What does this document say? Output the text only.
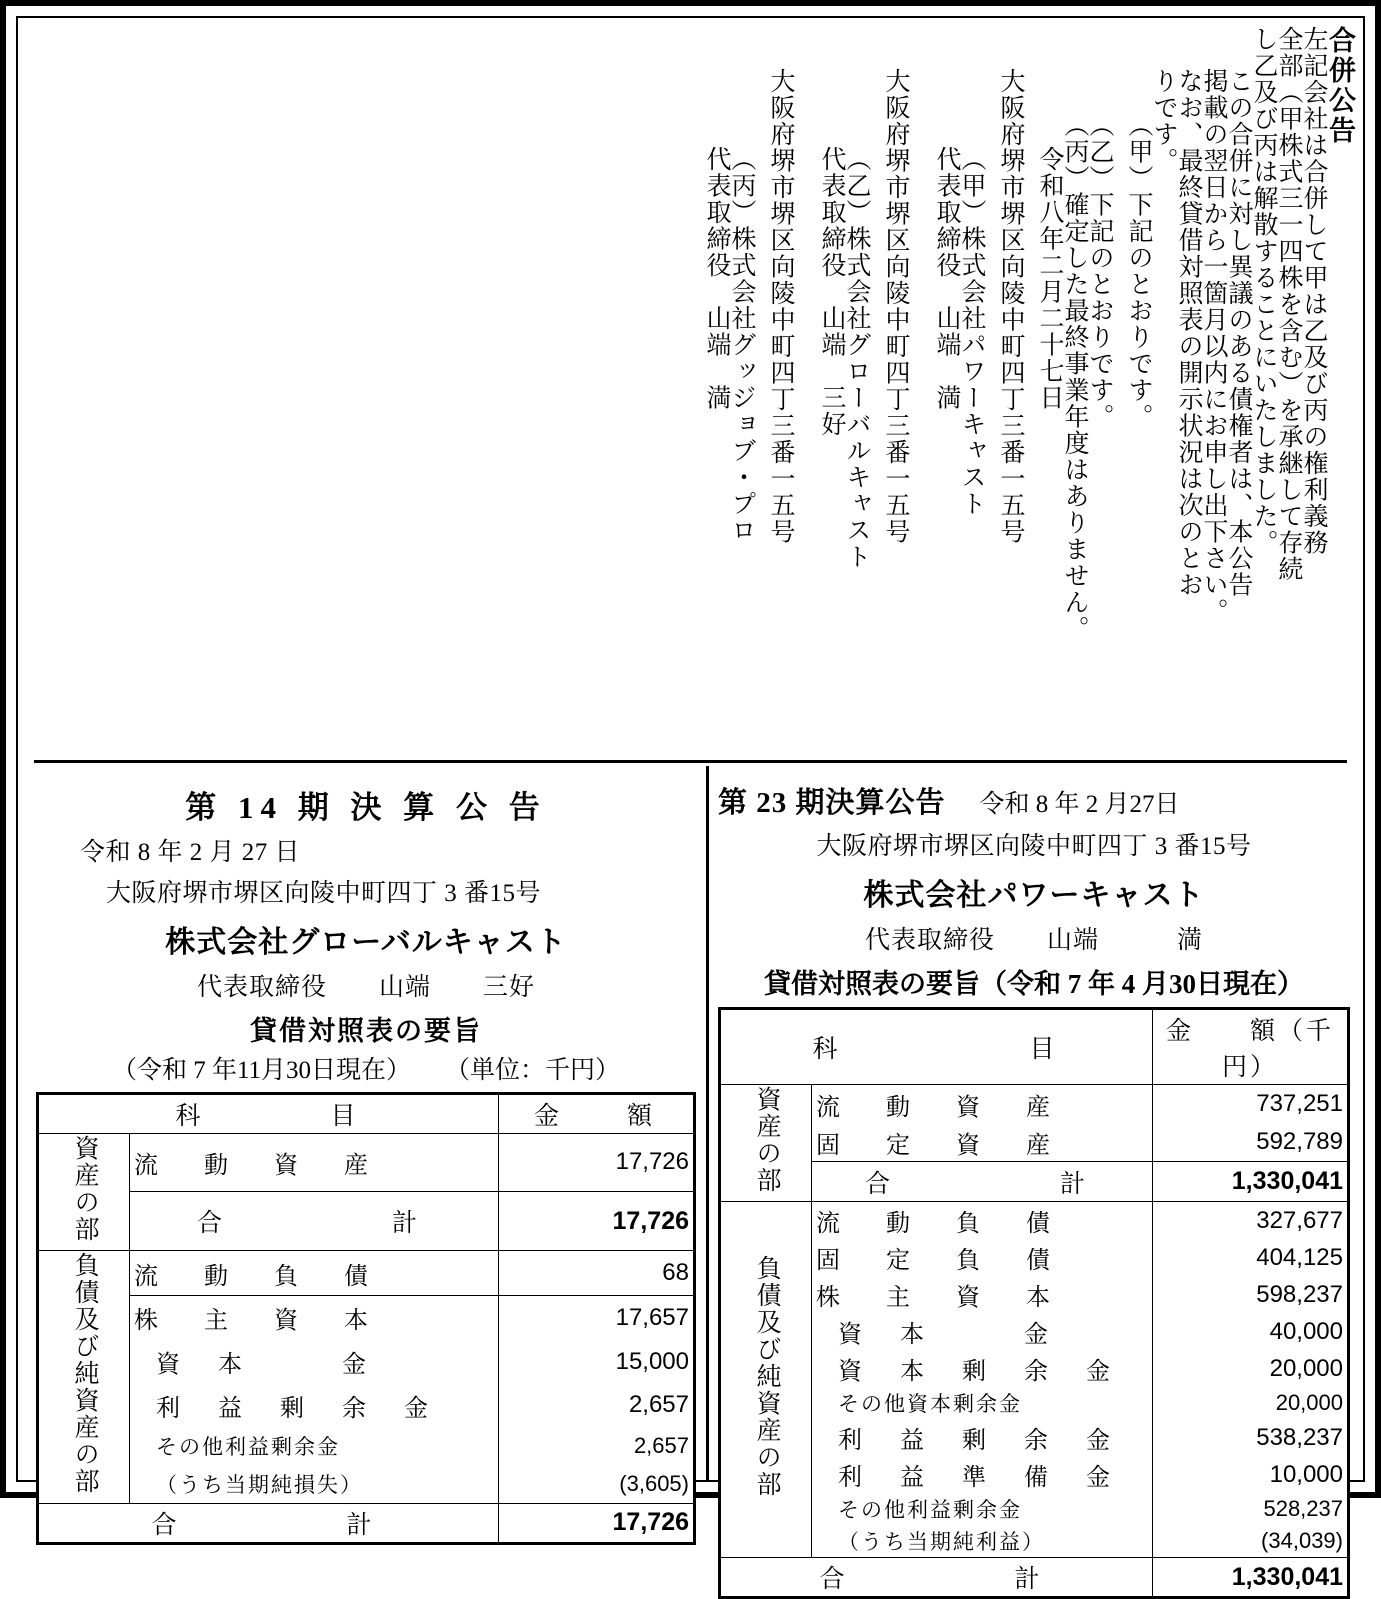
合併公告
左記会社は合併して甲は乙及び丙の権利義務
全部（甲株式三一四株を含む）を承継して存続
し乙及び丙は解散することにいたしました。
この合併に対し異議のある債権者は、本公告
掲載の翌日から一箇月以内にお申し出下さい。
なお、最終貸借対照表の開示状況は次のとお
りです。
（甲）下記のとおりです。
（乙）下記のとおりです。
（丙）確定した最終事業年度はありません。
令和八年二月二十七日
大阪府堺市堺区向陵中町四丁三番一五号
（甲）株式会社パワーキャスト
代表取締役　山端　満
大阪府堺市堺区向陵中町四丁三番一五号
（乙）株式会社グローバルキャスト
代表取締役　山端　三好
大阪府堺市堺区向陵中町四丁三番一五号
（丙）株式会社グッジョブ・プロ
代表取締役　山端　満
第 14 期 決 算 公 告
令和 8 年 2 月 27 日
大阪府堺市堺区向陵中町四丁 3 番15号
株式会社グローバルキャスト
代表取締役　　山端　　三好
貸借対照表の要旨
（令和 7 年11月30日現在） （単位：千円）
科　　　　目		金　　額
資産の部	流　動　資　産	17,726
	合　　　　計	17,726
負債及び純資産の部	流　動　負　債	68
	株　主　資　本	17,657
	資　本　　　金	15,000
	利　益　剰　余　金	2,657
	その他利益剰余金	2,657
	（うち当期純損失）	(3,605)
合　　　　計		17,726
第 23 期決算公告 令和 8 年 2 月27日
大阪府堺市堺区向陵中町四丁 3 番15号
株式会社パワーキャスト
代表取締役　　山端　　　満
貸借対照表の要旨（令和 7 年 4 月30日現在）
科　　　　　　目		金　　額（千円）
資産の部	流　動　資　産	737,251
	固　定　資　産	592,789
	合　　　　計	1,330,041
負債及び純資産の部	流　動　負　債	327,677
	固　定　負　債	404,125
	株　主　資　本	598,237
	資　本　　　金	40,000
	資　本　剰　余　金	20,000
	その他資本剰余金	20,000
	利　益　剰　余　金	538,237
	利　益　準　備　金	10,000
	その他利益剰余金	528,237
	（うち当期純利益）	(34,039)
合　　　　計		1,330,041
